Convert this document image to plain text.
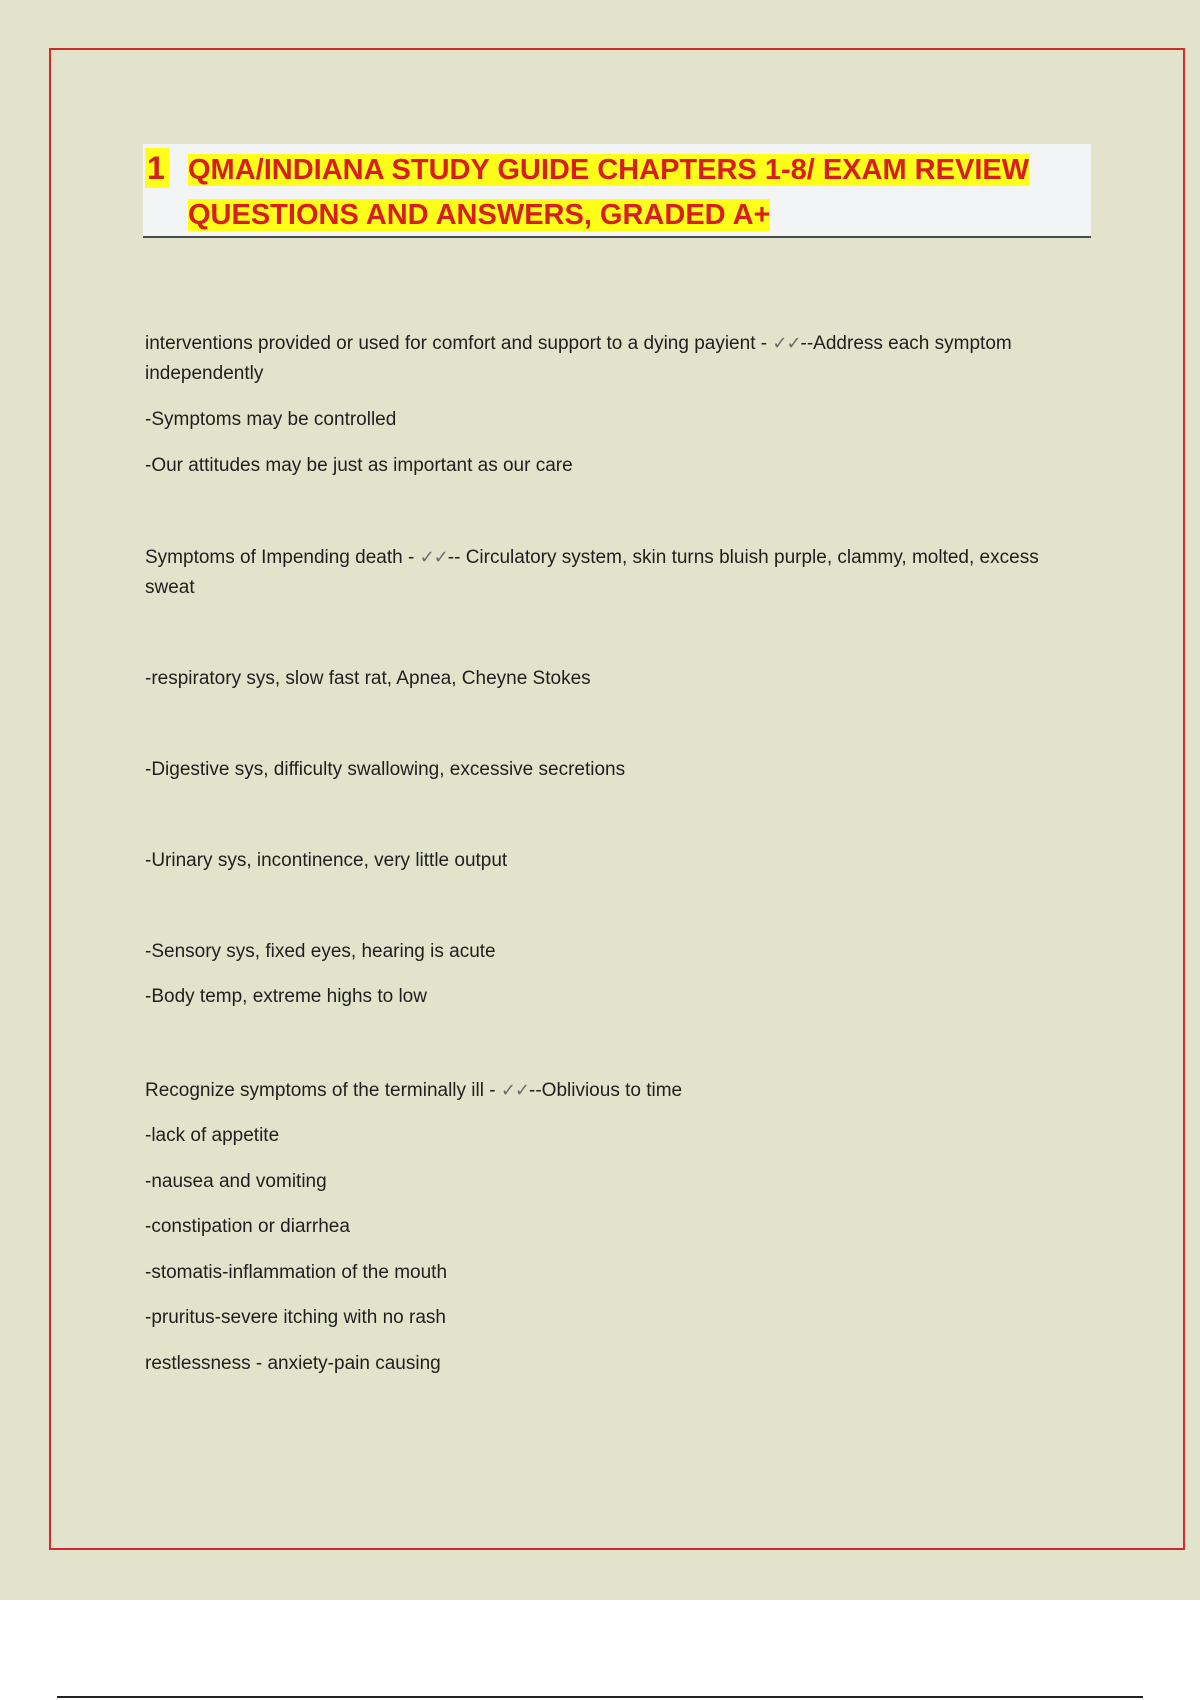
1 QMA/INDIANA STUDY GUIDE CHAPTERS 1-8/ EXAM REVIEW
QUESTIONS AND ANSWERS, GRADED A+
interventions provided or used for comfort and support to a dying payient - ✓✓--Address each symptom independently
-Symptoms may be controlled
-Our attitudes may be just as important as our care
Symptoms of Impending death - ✓✓-- Circulatory system, skin turns bluish purple, clammy, molted, excess sweat
-respiratory sys, slow fast rat, Apnea, Cheyne Stokes
-Digestive sys, difficulty swallowing, excessive secretions
-Urinary sys, incontinence, very little output
-Sensory sys, fixed eyes, hearing is acute
-Body temp, extreme highs to low
Recognize symptoms of the terminally ill - ✓✓--Oblivious to time
-lack of appetite
-nausea and vomiting
-constipation or diarrhea
-stomatis-inflammation of the mouth
-pruritus-severe itching with no rash
restlessness - anxiety-pain causing
